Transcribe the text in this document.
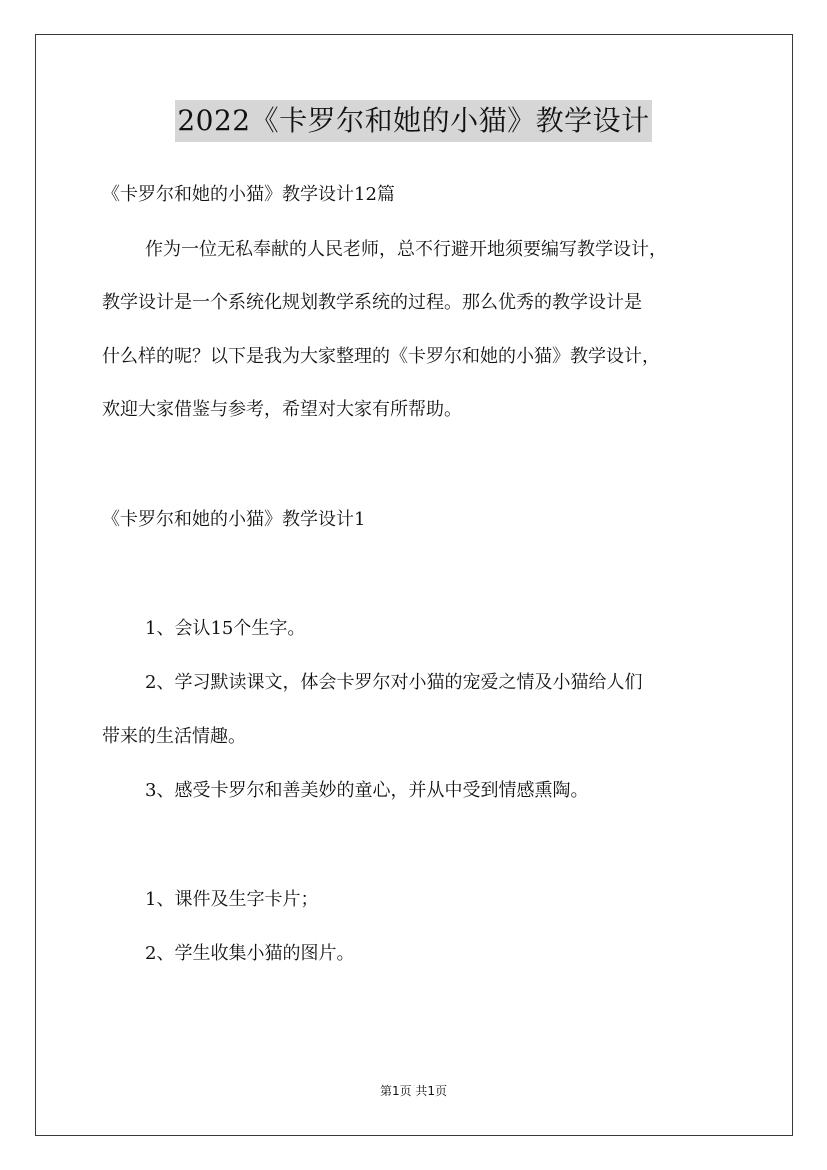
2022《卡罗尔和她的小猫》教学设计
《卡罗尔和她的小猫》教学设计12篇
作为一位无私奉献的人民老师，总不行避开地须要编写教学设计，
教学设计是一个系统化规划教学系统的过程。那么优秀的教学设计是
什么样的呢？以下是我为大家整理的《卡罗尔和她的小猫》教学设计，
欢迎大家借鉴与参考，希望对大家有所帮助。
《卡罗尔和她的小猫》教学设计1
1、会认15个生字。
2、学习默读课文，体会卡罗尔对小猫的宠爱之情及小猫给人们
带来的生活情趣。
3、感受卡罗尔和善美妙的童心，并从中受到情感熏陶。
1、课件及生字卡片；
2、学生收集小猫的图片。
第1页 共1页
